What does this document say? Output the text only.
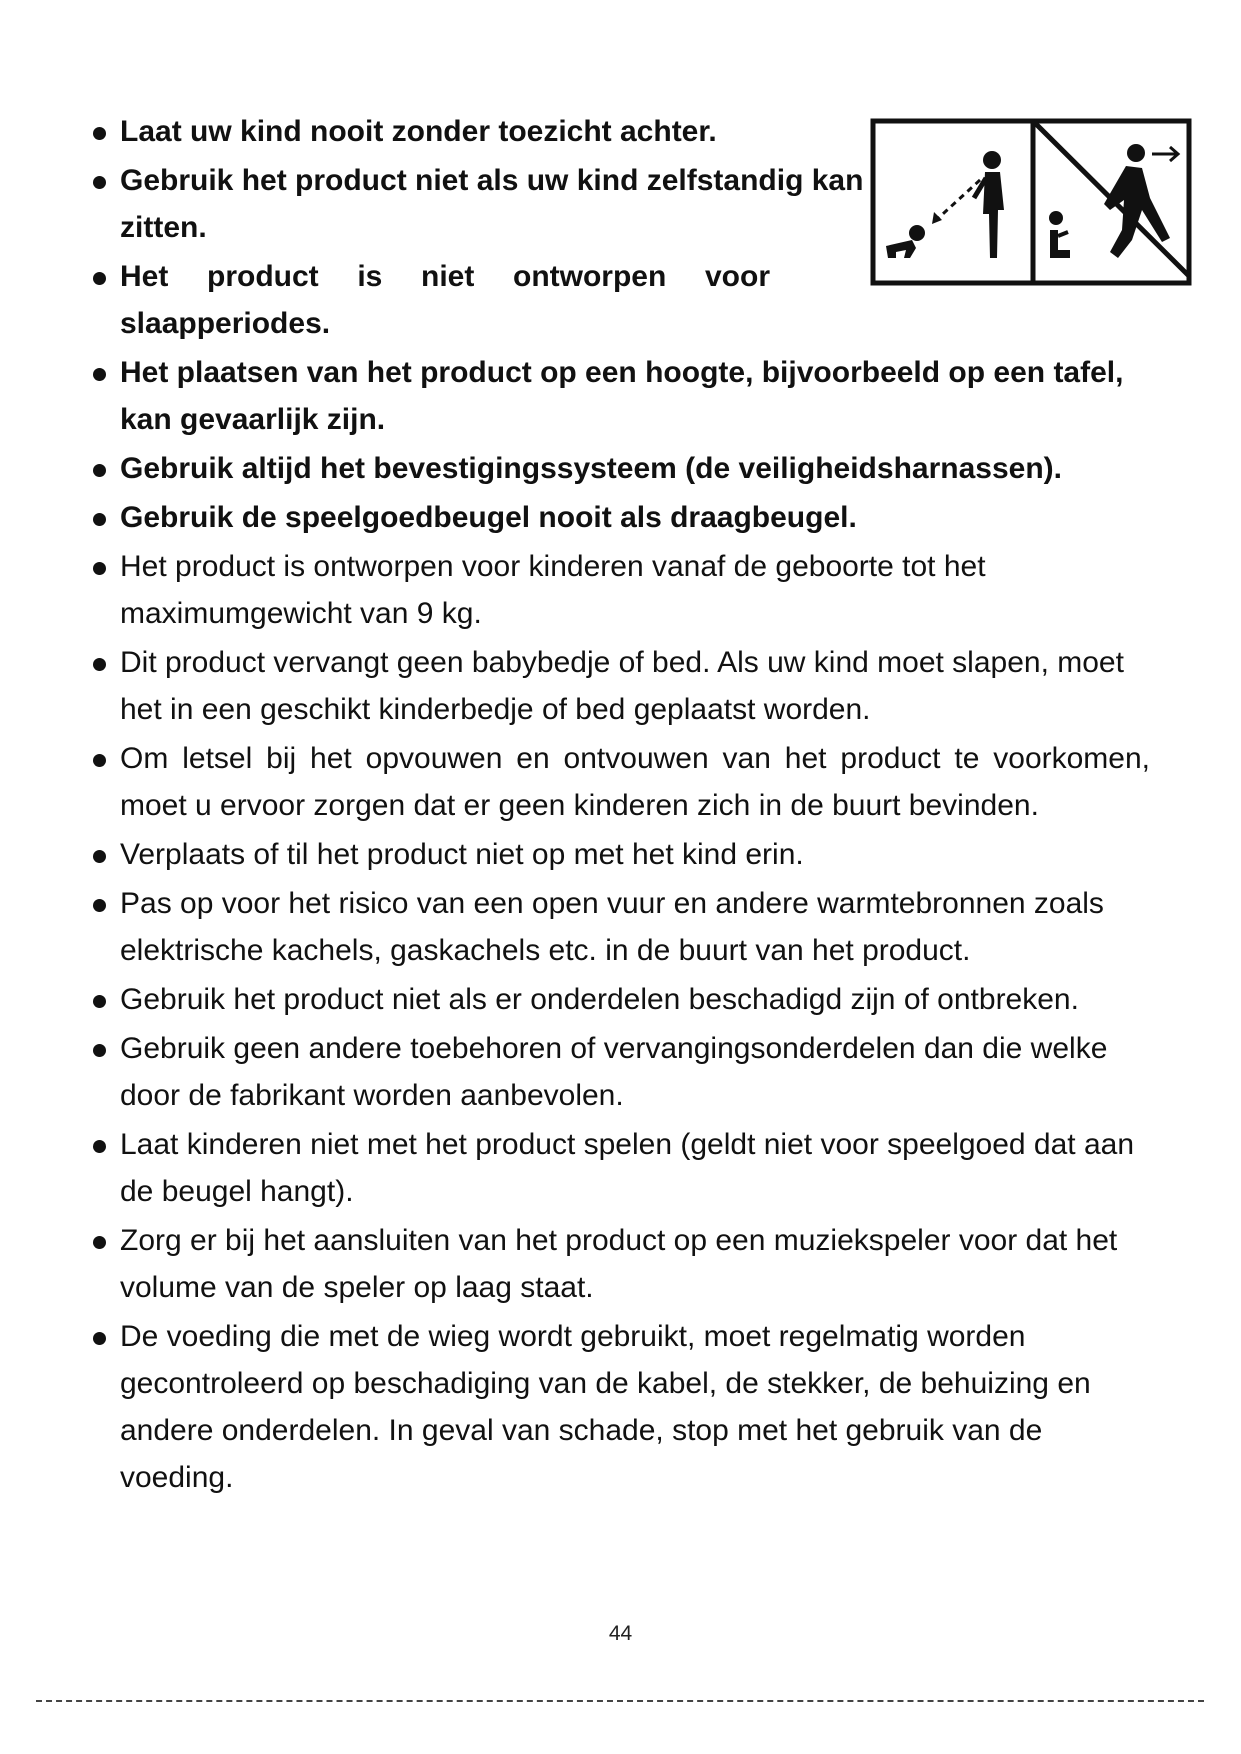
Laat uw kind nooit zonder toezicht achter.
Gebruik het product niet als uw kind zelfstandig kan zitten.
Het product is niet ontworpen voor slaapperiodes.
Het plaatsen van het product op een hoogte, bijvoorbeeld op een tafel, kan gevaarlijk zijn.
Gebruik altijd het bevestigingssysteem (de veiligheidsharnassen).
Gebruik de speelgoedbeugel nooit als draagbeugel.
Het product is ontworpen voor kinderen vanaf de geboorte tot het maximumgewicht van 9 kg.
Dit product vervangt geen babybedje of bed. Als uw kind moet slapen, moet het in een geschikt kinderbedje of bed geplaatst worden.
Om letsel bij het opvouwen en ontvouwen van het product te voorkomen, moet u ervoor zorgen dat er geen kinderen zich in de buurt bevinden.
Verplaats of til het product niet op met het kind erin.
Pas op voor het risico van een open vuur en andere warmtebronnen zoals elektrische kachels, gaskachels etc. in de buurt van het product.
Gebruik het product niet als er onderdelen beschadigd zijn of ontbreken.
Gebruik geen andere toebehoren of vervangingsonderdelen dan die welke door de fabrikant worden aanbevolen.
Laat kinderen niet met het product spelen (geldt niet voor speelgoed dat aan de beugel hangt).
Zorg er bij het aansluiten van het product op een muziekspeler voor dat het volume van de speler op laag staat.
De voeding die met de wieg wordt gebruikt, moet regelmatig worden gecontroleerd op beschadiging van de kabel, de stekker, de behuizing en andere onderdelen. In geval van schade, stop met het gebruik van de voeding.
44
